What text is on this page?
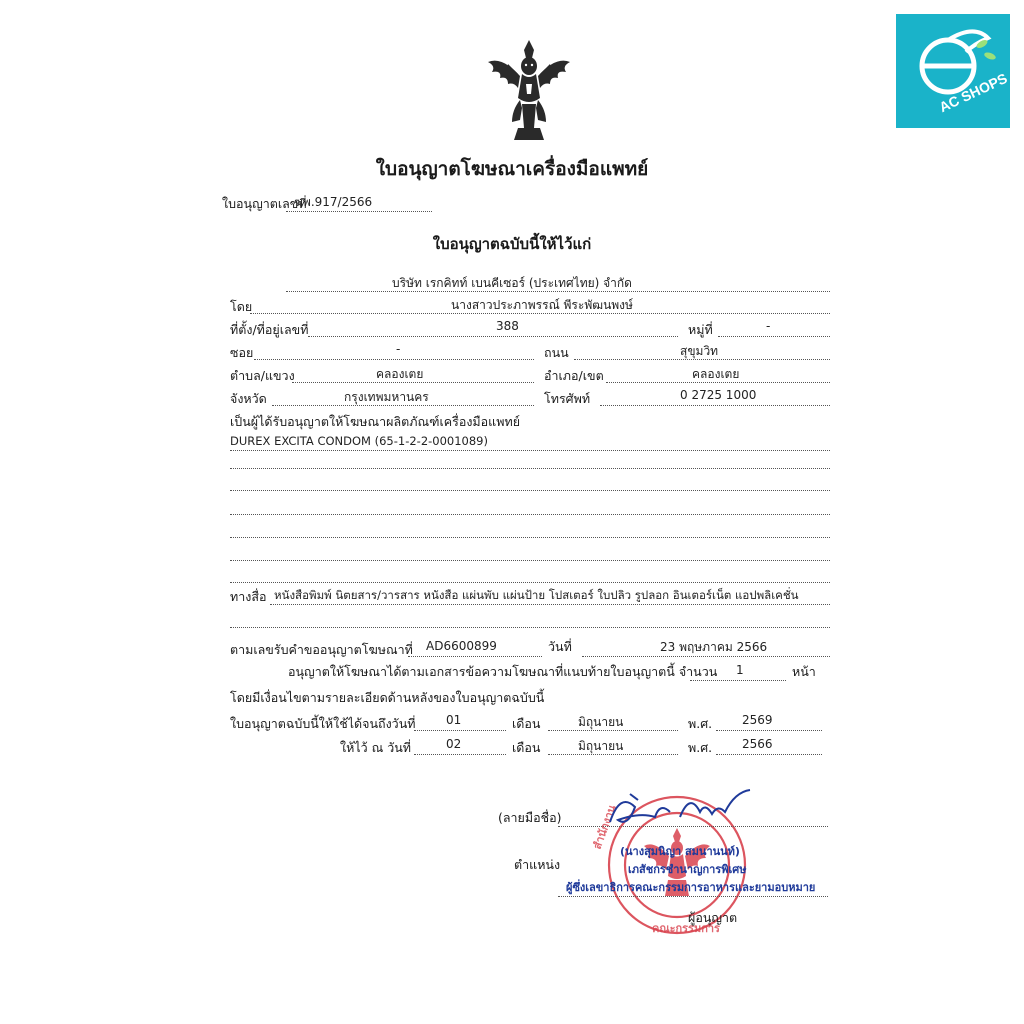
AC SHOPS
ใบอนุญาตโฆษณาเครื่องมือแพทย์
ใบอนุญาตเลขที่
ฆพ.917/2566
ใบอนุญาตฉบับนี้ให้ไว้แก่
บริษัท เรกคิทท์ เบนคีเซอร์ (ประเทศไทย) จำกัด
โดย	นางสาวประภาพรรณ์ พีระพัฒนพงษ์
ที่ตั้ง/ที่อยู่เลขที่	388	หมู่ที่	-
ซอย	-	ถนน	สุขุมวิท
ตำบล/แขวง	คลองเตย	อำเภอ/เขต	คลองเตย
จังหวัด	กรุงเทพมหานคร	โทรศัพท์	0 2725 1000
เป็นผู้ได้รับอนุญาตให้โฆษณาผลิตภัณฑ์เครื่องมือแพทย์
DUREX EXCITA CONDOM (65-1-2-2-0001089)
ทางสื่อ หนังสือพิมพ์ นิตยสาร/วารสาร หนังสือ แผ่นพับ แผ่นป้าย โปสเตอร์ ใบปลิว รูปลอก อินเตอร์เน็ต แอปพลิเคชั่น
ตามเลขรับคำขออนุญาตโฆษณาที่ AD6600899	วันที่	23 พฤษภาคม 2566
อนุญาตให้โฆษณาได้ตามเอกสารข้อความโฆษณาที่แนบท้ายใบอนุญาตนี้ จำนวน 1	หน้า
โดยมีเงื่อนไขตามรายละเอียดด้านหลังของใบอนุญาตฉบับนี้
ใบอนุญาตฉบับนี้ให้ใช้ได้จนถึงวันที่	01	เดือน	มิถุนายน	พ.ศ. 2569
ให้ไว้ ณ วันที่	02	เดือน	มิถุนายน	พ.ศ. 2566
สำนักงาน
คณะกรรมการ
(ลายมือชื่อ)
(นางสุมนิญา สมนานนท์)
ตำแหน่ง	เภสัชกรชำนาญการพิเศษ
ผู้ซึ่งเลขาธิการคณะกรรมการอาหารและยามอบหมาย
ผู้อนุญาต
